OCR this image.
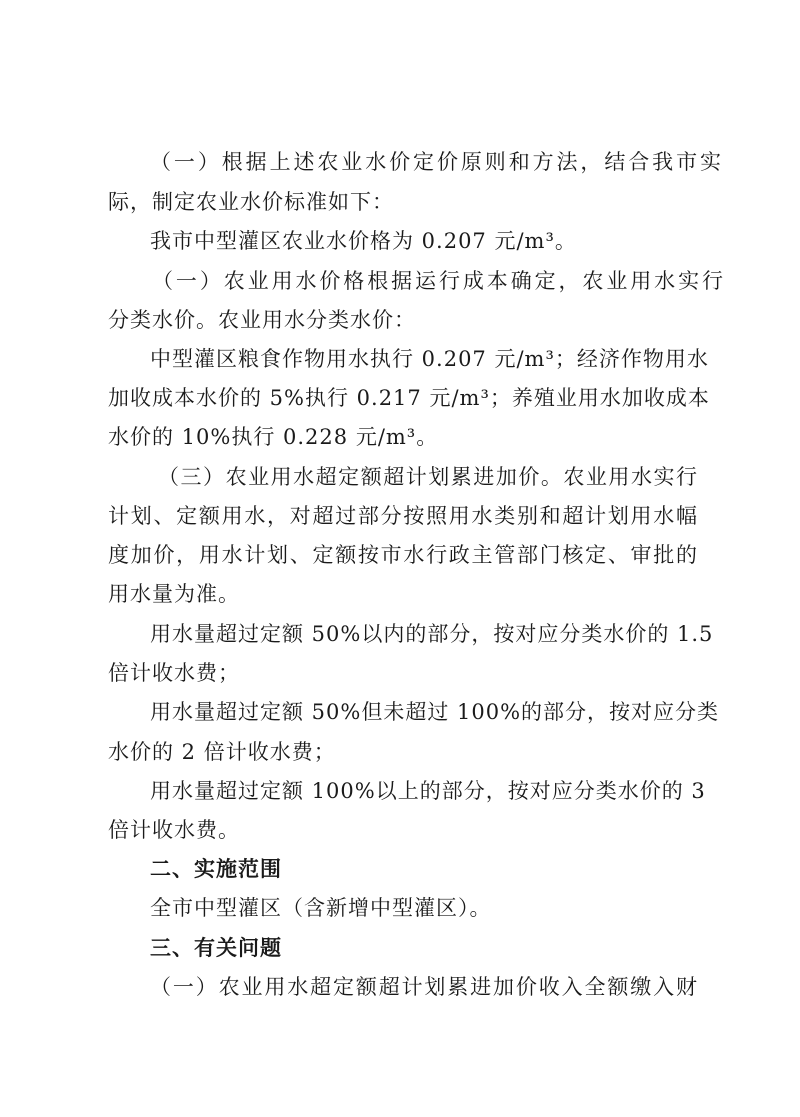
（一）根据上述农业水价定价原则和方法，结合我市实
际，制定农业水价标准如下：
我市中型灌区农业水价格为 0.207 元/m³。
（一）农业用水价格根据运行成本确定，农业用水实行
分类水价。农业用水分类水价：
中型灌区粮食作物用水执行 0.207 元/m³；经济作物用水
加收成本水价的 5%执行 0.217 元/m³；养殖业用水加收成本
水价的 10%执行 0.228 元/m³。
（三）农业用水超定额超计划累进加价。农业用水实行
计划、定额用水，对超过部分按照用水类别和超计划用水幅
度加价，用水计划、定额按市水行政主管部门核定、审批的
用水量为准。
用水量超过定额 50%以内的部分，按对应分类水价的 1.5
倍计收水费；
用水量超过定额 50%但未超过 100%的部分，按对应分类
水价的 2 倍计收水费；
用水量超过定额 100%以上的部分，按对应分类水价的 3
倍计收水费。
二、实施范围
全市中型灌区（含新增中型灌区）。
三、有关问题
（一）农业用水超定额超计划累进加价收入全额缴入财
